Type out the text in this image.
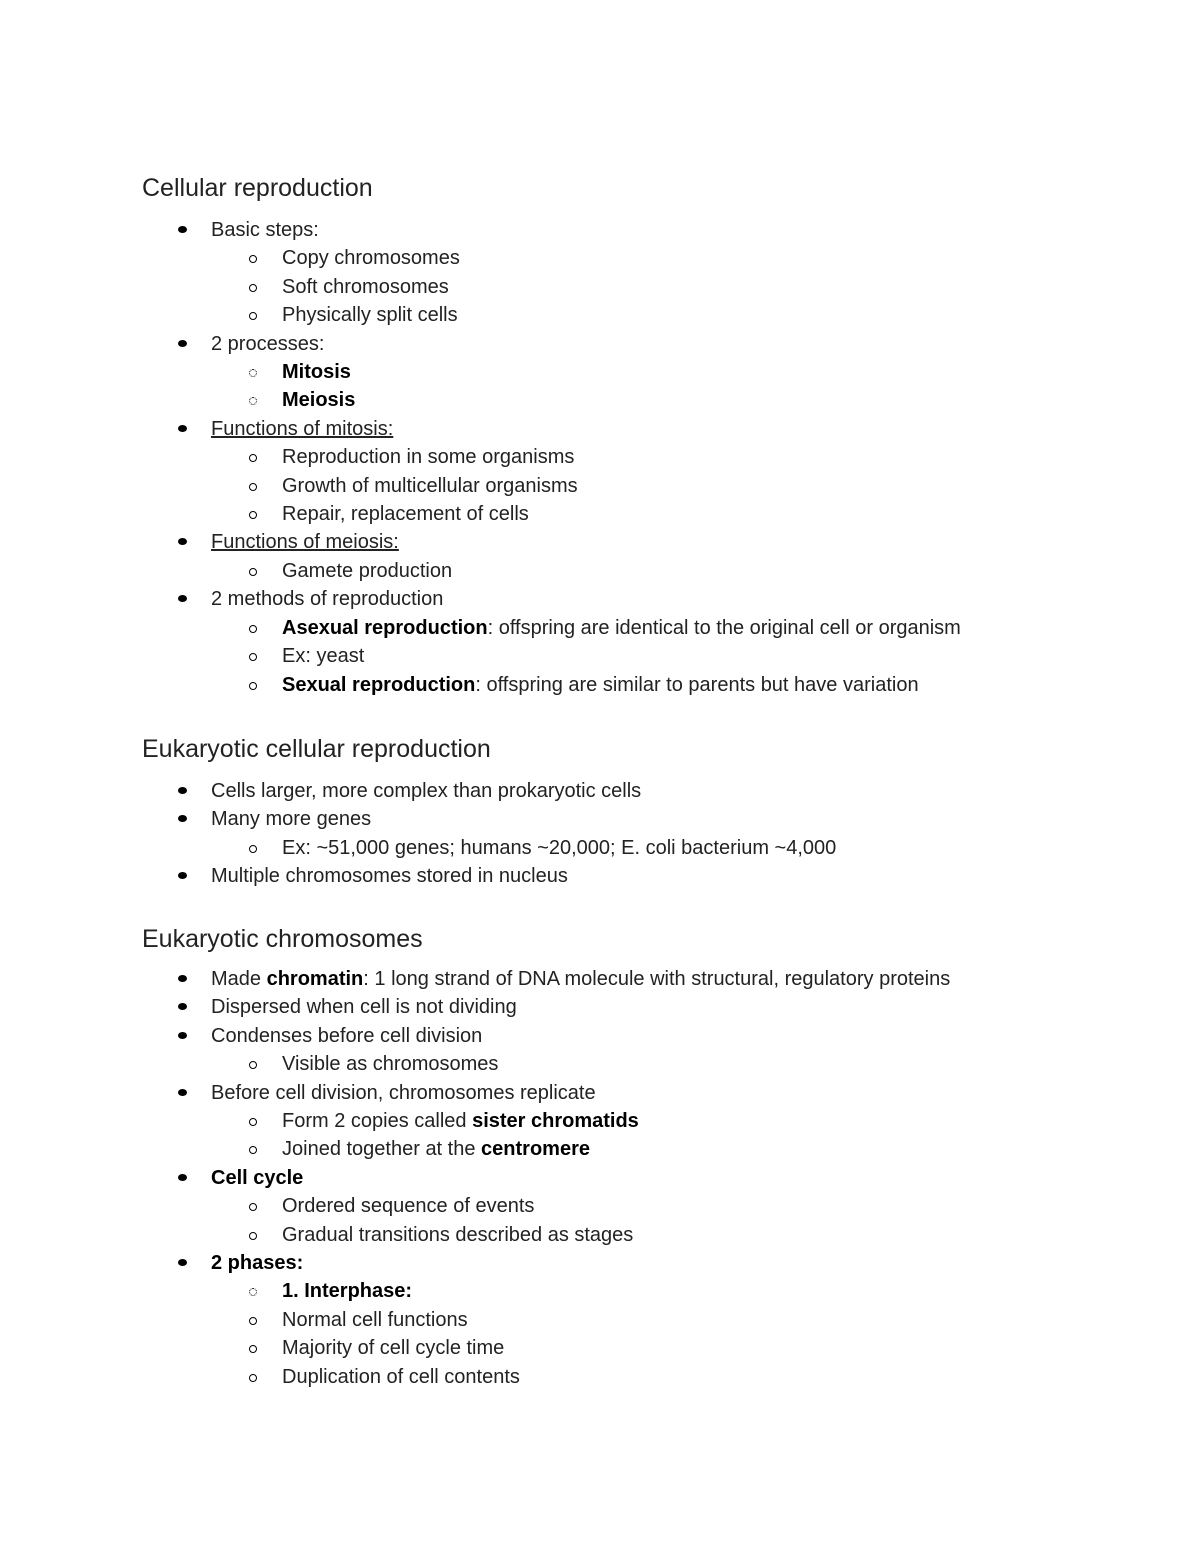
Cellular reproduction
Basic steps:
Copy chromosomes
Soft chromosomes
Physically split cells
2 processes:
Mitosis
Meiosis
Functions of mitosis:
Reproduction in some organisms
Growth of multicellular organisms
Repair, replacement of cells
Functions of meiosis:
Gamete production
2 methods of reproduction
Asexual reproduction: offspring are identical to the original cell or organism
Ex: yeast
Sexual reproduction: offspring are similar to parents but have variation
Eukaryotic cellular reproduction
Cells larger, more complex than prokaryotic cells
Many more genes
Ex: ~51,000 genes; humans ~20,000; E. coli bacterium ~4,000
Multiple chromosomes stored in nucleus
Eukaryotic chromosomes
Made chromatin: 1 long strand of DNA molecule with structural, regulatory proteins
Dispersed when cell is not dividing
Condenses before cell division
Visible as chromosomes
Before cell division, chromosomes replicate
Form 2 copies called sister chromatids
Joined together at the centromere
Cell cycle
Ordered sequence of events
Gradual transitions described as stages
2 phases:
1. Interphase:
Normal cell functions
Majority of cell cycle time
Duplication of cell contents
